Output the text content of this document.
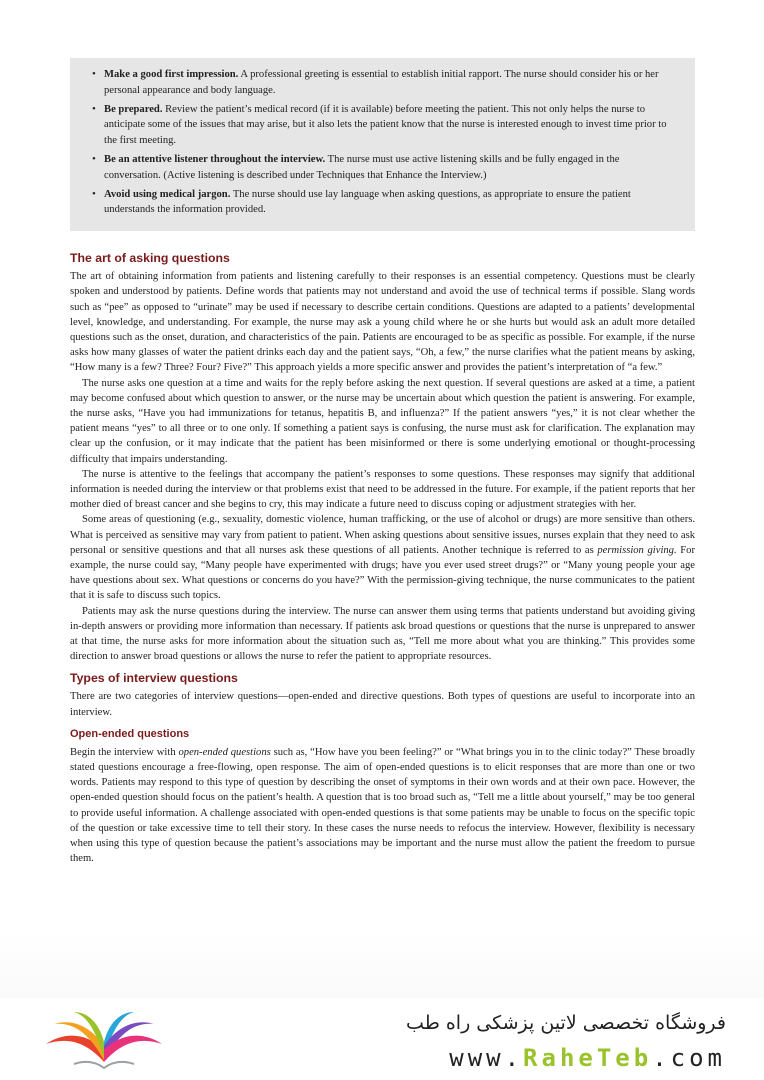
• Make a good first impression. A professional greeting is essential to establish initial rapport. The nurse should consider his or her personal appearance and body language.
• Be prepared. Review the patient’s medical record (if it is available) before meeting the patient. This not only helps the nurse to anticipate some of the issues that may arise, but it also lets the patient know that the nurse is interested enough to invest time prior to the first meeting.
• Be an attentive listener throughout the interview. The nurse must use active listening skills and be fully engaged in the conversation. (Active listening is described under Techniques that Enhance the Interview.)
• Avoid using medical jargon. The nurse should use lay language when asking questions, as appropriate to ensure the patient understands the information provided.
The art of asking questions

The art of obtaining information from patients and listening carefully to their responses is an essential competency. Questions must be clearly spoken and understood by patients. Define words that patients may not understand and avoid the use of technical terms if possible. Slang words such as “pee” as opposed to “urinate” may be used if necessary to describe certain conditions. Questions are adapted to a patients’ developmental level, knowledge, and understanding. For example, the nurse may ask a young child where he or she hurts but would ask an adult more detailed questions such as the onset, duration, and characteristics of the pain. Patients are encouraged to be as specific as possible. For example, if the nurse asks how many glasses of water the patient drinks each day and the patient says, “Oh, a few,” the nurse clarifies what the patient means by asking, “How many is a few? Three? Four? Five?” This approach yields a more specific answer and provides the patient’s interpretation of “a few.”

The nurse asks one question at a time and waits for the reply before asking the next question. If several questions are asked at a time, a patient may become confused about which question to answer, or the nurse may be uncertain about which question the patient is answering. For example, the nurse asks, “Have you had immunizations for tetanus, hepatitis B, and influenza?” If the patient answers “yes,” it is not clear whether the patient means “yes” to all three or to one only. If something a patient says is confusing, the nurse must ask for clarification. The explanation may clear up the confusion, or it may indicate that the patient has been misinformed or there is some underlying emotional or thought-processing difficulty that impairs understanding.

The nurse is attentive to the feelings that accompany the patient’s responses to some questions. These responses may signify that additional information is needed during the interview or that problems exist that need to be addressed in the future. For example, if the patient reports that her mother died of breast cancer and she begins to cry, this may indicate a future need to discuss coping or adjustment strategies with her.

Some areas of questioning (e.g., sexuality, domestic violence, human trafficking, or the use of alcohol or drugs) are more sensitive than others. What is perceived as sensitive may vary from patient to patient. When asking questions about sensitive issues, nurses explain that they need to ask personal or sensitive questions and that all nurses ask these questions of all patients. Another technique is referred to as permission giving. For example, the nurse could say, “Many people have experimented with drugs; have you ever used street drugs?” or “Many young people your age have questions about sex. What questions or concerns do you have?” With the permission-giving technique, the nurse communicates to the patient that it is safe to discuss such topics.

Patients may ask the nurse questions during the interview. The nurse can answer them using terms that patients understand but avoiding giving in-depth answers or providing more information than necessary. If patients ask broad questions or questions that the nurse is unprepared to answer at that time, the nurse asks for more information about the situation such as, “Tell me more about what you are thinking.” This provides some direction to answer broad questions or allows the nurse to refer the patient to appropriate resources.

Types of interview questions

There are two categories of interview questions—open-ended and directive questions. Both types of questions are useful to incorporate into an interview.

Open-ended questions

Begin the interview with open-ended questions such as, “How have you been feeling?” or “What brings you in to the clinic today?” These broadly stated questions encourage a free-flowing, open response. The aim of open-ended questions is to elicit responses that are more than one or two words. Patients may respond to this type of question by describing the onset of symptoms in their own words and at their own pace. However, the open-ended question should focus on the patient’s health. A question that is too broad such as, “Tell me a little about yourself,” may be too general to provide useful information. A challenge associated with open-ended questions is that some patients may be unable to focus on the specific topic of the question or take excessive time to tell their story. In these cases the nurse needs to refocus the interview. However, flexibility is necessary when using this type of question because the patient’s associations may be important and the nurse must allow the patient the freedom to pursue them.

فروشگاه تخصصی لاتین پزشکی راه طب
www.RaheTeb.com
